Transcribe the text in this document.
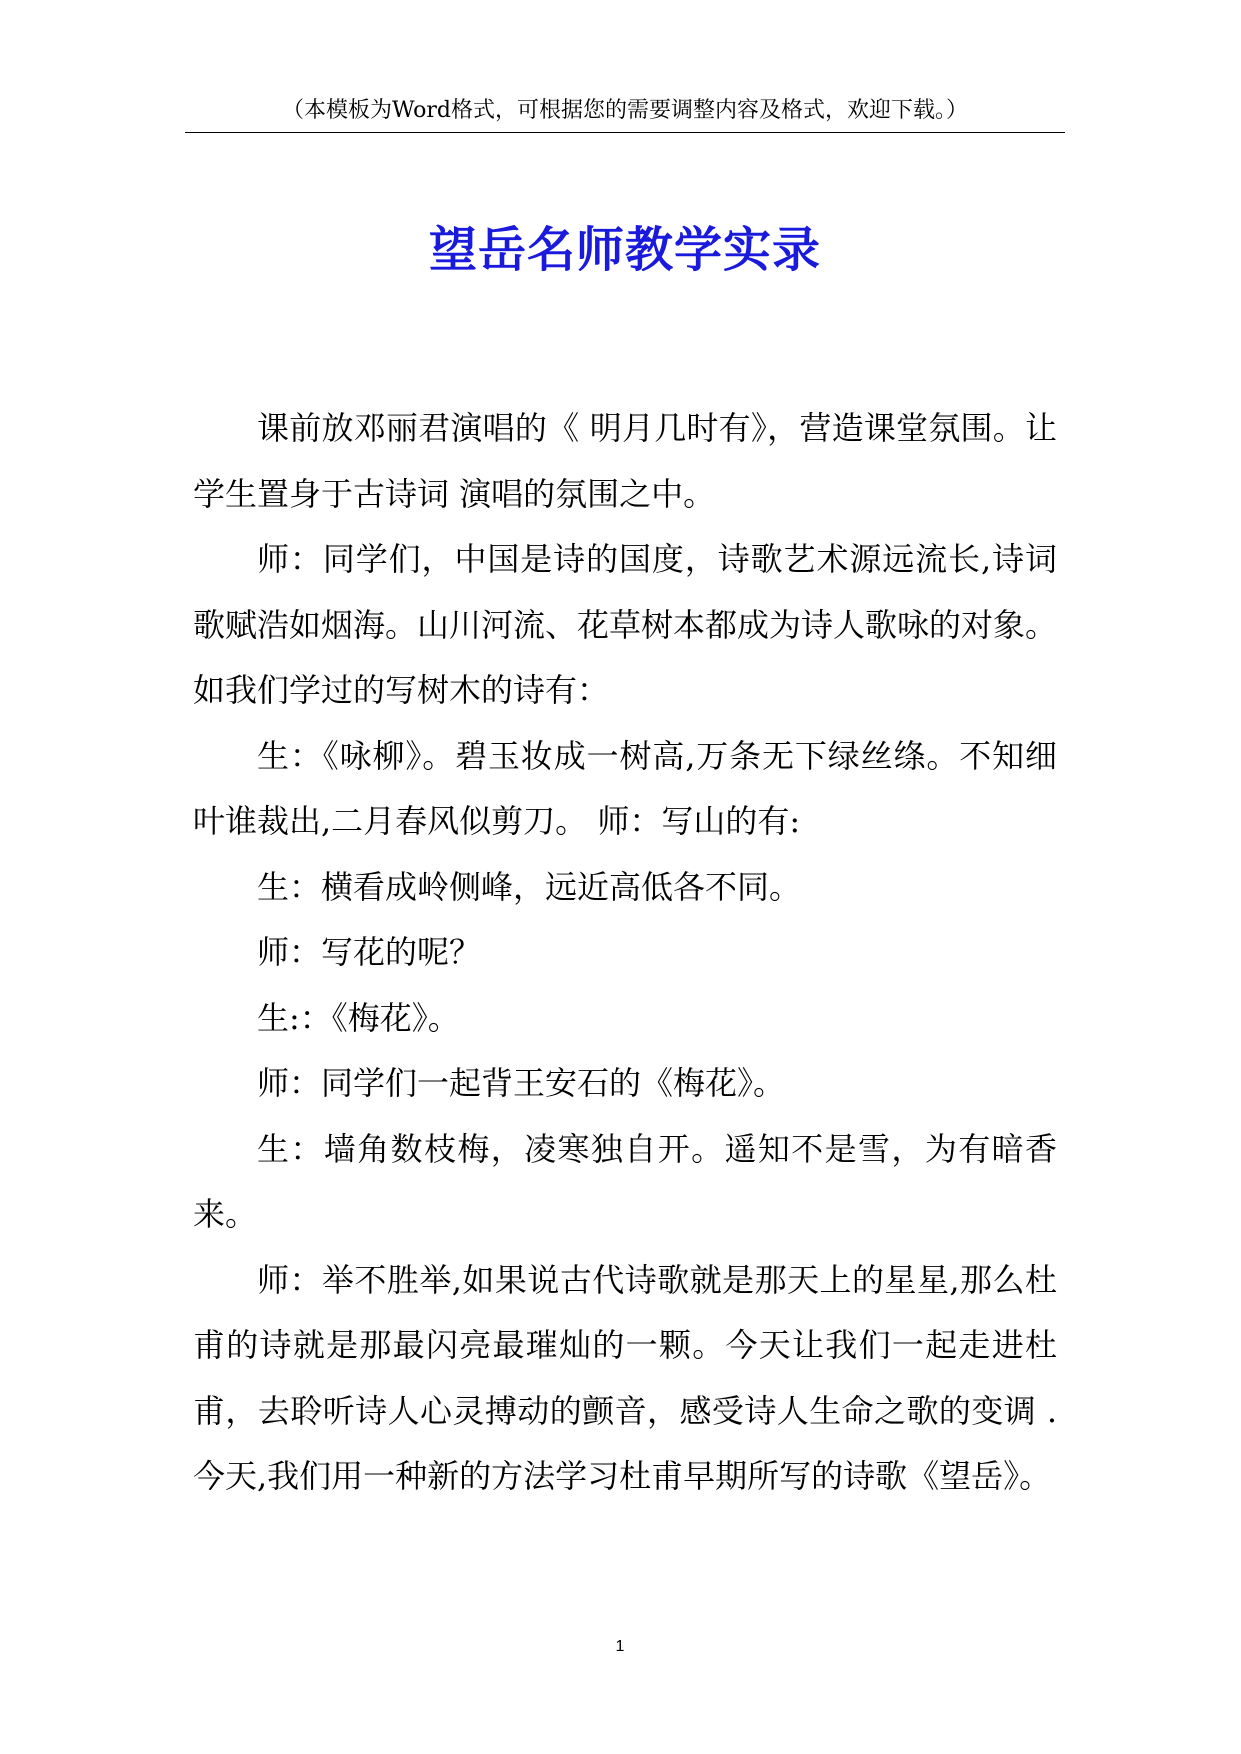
（本模板为Word格式，可根据您的需要调整内容及格式，欢迎下载。）
望岳名师教学实录

课前放邓丽君演唱的《 明月几时有》，营造课堂氛围。让学生置身于古诗词 演唱的氛围之中。

师：同学们，中国是诗的国度，诗歌艺术源远流长,诗词歌赋浩如烟海。山川河流、花草树本都成为诗人歌咏的对象。如我们学过的写树木的诗有：

生：《咏柳》。碧玉妆成一树高,万条无下绿丝绦。不知细叶谁裁出,二月春风似剪刀。 师：写山的有:

生：横看成岭侧峰，远近高低各不同。

师：写花的呢？

生:：《梅花》。

师：同学们一起背王安石的《梅花》。

生：墙角数枝梅，凌寒独自开。遥知不是雪，为有暗香来。

师：举不胜举,如果说古代诗歌就是那天上的星星,那么杜甫的诗就是那最闪亮最璀灿的一颗。今天让我们一起走进杜甫，去聆听诗人心灵搏动的颤音，感受诗人生命之歌的变调 .今天,我们用一种新的方法学习杜甫早期所写的诗歌《望岳》。

1
